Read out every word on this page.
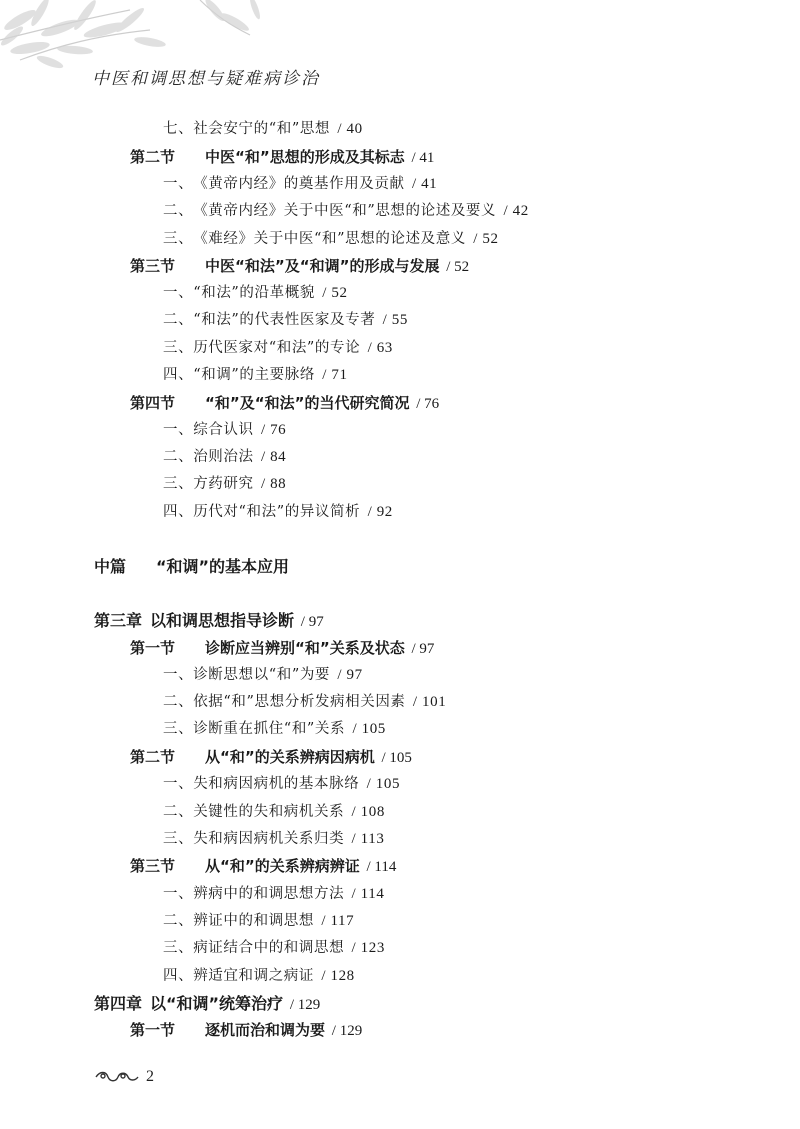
中医和调思想与疑难病诊治
七、社会安宁的“和”思想 / 40
第二节 中医“和”思想的形成及其标志 / 41
一、《黄帝内经》的奠基作用及贡献 / 41
二、《黄帝内经》关于中医“和”思想的论述及要义 / 42
三、《难经》关于中医“和”思想的论述及意义 / 52
第三节 中医“和法”及“和调”的形成与发展 / 52
一、“和法”的沿革概貌 / 52
二、“和法”的代表性医家及专著 / 55
三、历代医家对“和法”的专论 / 63
四、“和调”的主要脉络 / 71
第四节 “和”及“和法”的当代研究简况 / 76
一、综合认识 / 76
二、治则治法 / 84
三、方药研究 / 88
四、历代对“和法”的异议简析 / 92
中篇 “和调”的基本应用
第三章 以和调思想指导诊断 / 97
第一节 诊断应当辨别“和”关系及状态 / 97
一、诊断思想以“和”为要 / 97
二、依据“和”思想分析发病相关因素 / 101
三、诊断重在抓住“和”关系 / 105
第二节 从“和”的关系辨病因病机 / 105
一、失和病因病机的基本脉络 / 105
二、关键性的失和病机关系 / 108
三、失和病因病机关系归类 / 113
第三节 从“和”的关系辨病辨证 / 114
一、辨病中的和调思想方法 / 114
二、辨证中的和调思想 / 117
三、病证结合中的和调思想 / 123
四、辨适宜和调之病证 / 128
第四章 以“和调”统筹治疗 / 129
第一节 逐机而治和调为要 / 129
2
